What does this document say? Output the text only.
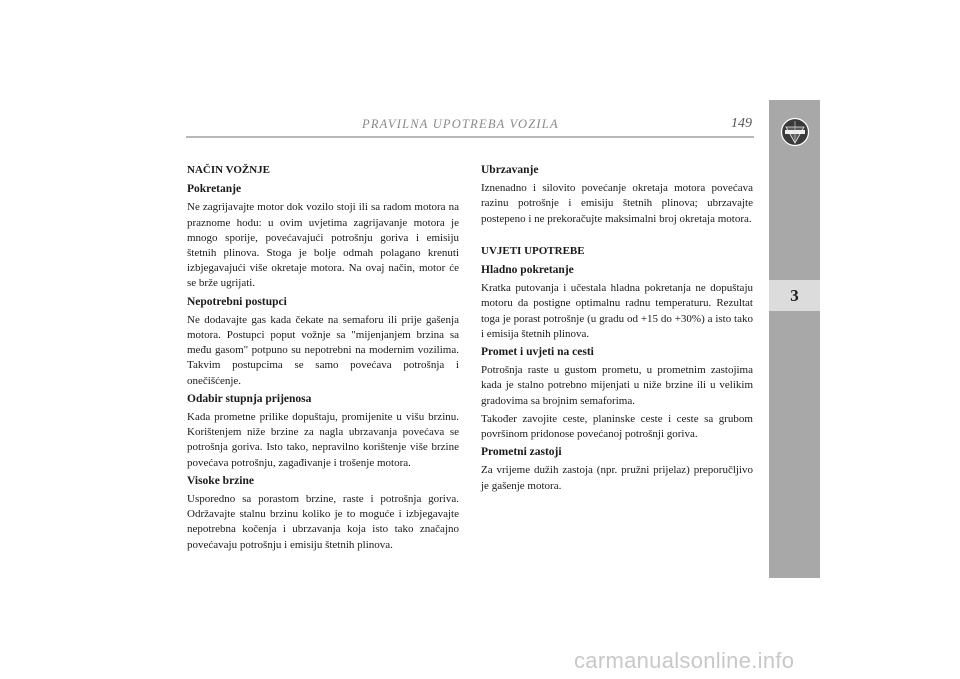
PRAVILNA UPOTREBA VOZILA	149
3
NAČIN VOŽNJE
Pokretanje

Ne zagrijavajte motor dok vozilo stoji ili sa radom motora na praznome hodu: u ovim uvjetima zagrijavanje motora je mnogo sporije, povećavajući potrošnju goriva i emisiju štetnih plinova. Stoga je bolje odmah polagano krenuti izbjegavajući više okretaje motora. Na ovaj način, motor će se brže ugrijati.

Nepotrebni postupci

Ne dodavajte gas kada čekate na semaforu ili prije gašenja motora. Postupci poput vožnje sa "mijenjanjem brzina sa među gasom" potpuno su nepotrebni na modernim vozilima. Takvim postupcima se samo povećava potrošnja i onečišćenje.

Odabir stupnja prijenosa

Kada prometne prilike dopuštaju, promijenite u višu brzinu. Korištenjem niže brzine za nagla ubrzavanja povećava se potrošnja goriva. Isto tako, nepravilno korištenje više brzine povećava potrošnju, zagađivanje i trošenje motora.

Visoke brzine

Usporedno sa porastom brzine, raste i potrošnja goriva. Održavajte stalnu brzinu koliko je to moguće i izbjegavajte nepotrebna kočenja i ubrzavanja koja isto tako značajno povećavaju potrošnju i emisiju štetnih plinova.

Ubrzavanje

Iznenadno i silovito povećanje okretaja motora povećava razinu potrošnje i emisiju štetnih plinova; ubrzavajte postepeno i ne prekoračujte maksimalni broj okretaja motora.

UVJETI UPOTREBE
Hladno pokretanje

Kratka putovanja i učestala hladna pokretanja ne dopuštaju motoru da postigne optimalnu radnu temperaturu. Rezultat toga je porast potrošnje (u gradu od +15 do +30%) a isto tako i emisija štetnih plinova.

Promet i uvjeti na cesti

Potrošnja raste u gustom prometu, u prometnim zastojima kada je stalno potrebno mijenjati u niže brzine ili u velikim gradovima sa brojnim semaforima.

Također zavojite ceste, planinske ceste i ceste sa grubom površinom pridonose povećanoj potrošnji goriva.

Prometni zastoji

Za vrijeme dužih zastoja (npr. pružni prijelaz) preporučljivo je gašenje motora.

carmanualsonline.info
